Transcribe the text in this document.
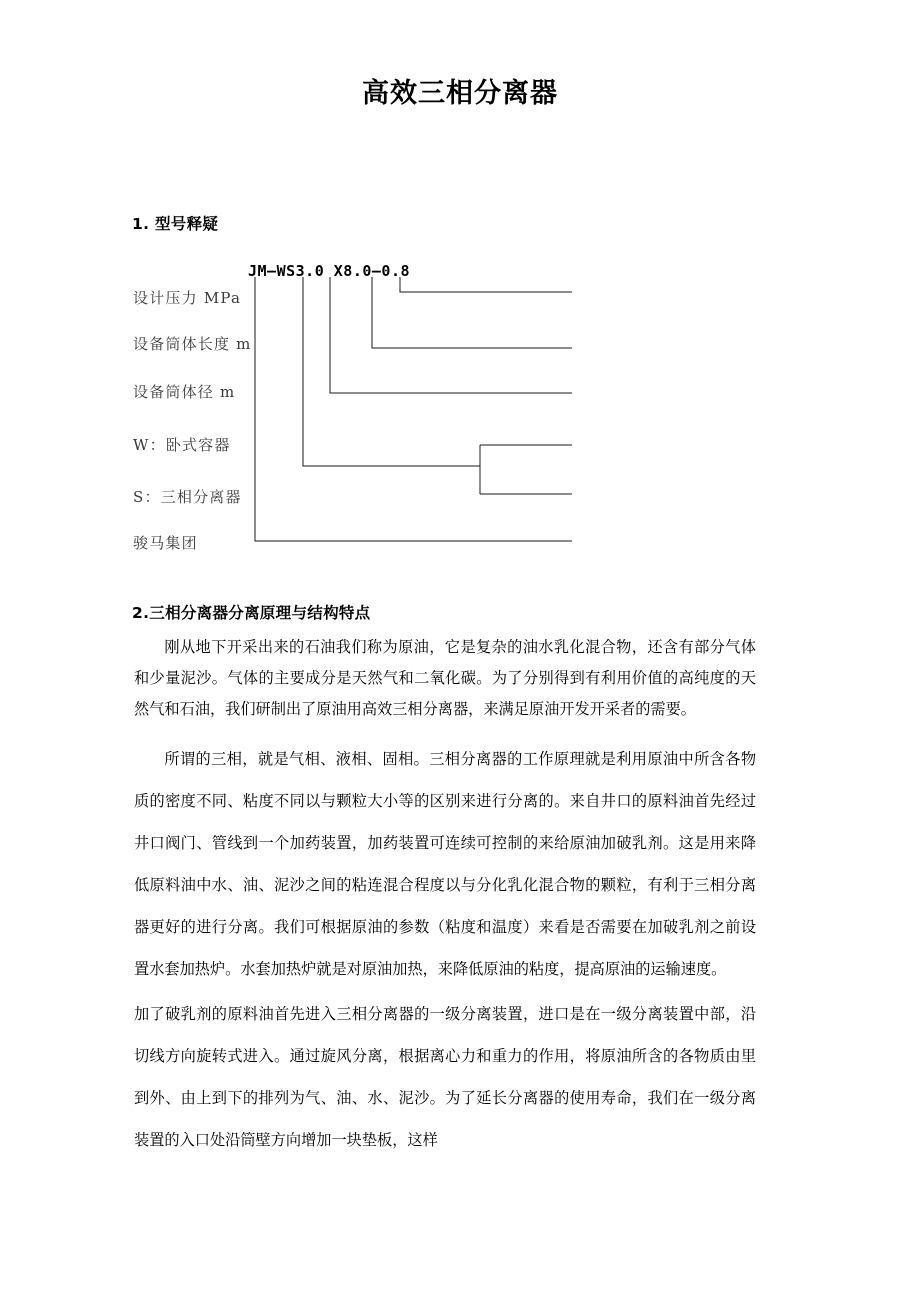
高效三相分离器
1. 型号释疑
JM—WS3.0 X8.0—0.8
设计压力 MPa
设备筒体长度 m
设备筒体径 m
W：卧式容器
S：三相分离器
骏马集团
2.三相分离器分离原理与结构特点
刚从地下开采出来的石油我们称为原油，它是复杂的油水乳化混合物，还含有部分气体和少量泥沙。气体的主要成分是天然气和二氧化碳。为了分别得到有利用价值的高纯度的天然气和石油，我们研制出了原油用高效三相分离器，来满足原油开发开采者的需要。
所谓的三相，就是气相、液相、固相。三相分离器的工作原理就是利用原油中所含各物质的密度不同、粘度不同以与颗粒大小等的区别来进行分离的。来自井口的原料油首先经过井口阀门、管线到一个加药装置，加药装置可连续可控制的来给原油加破乳剂。这是用来降低原料油中水、油、泥沙之间的粘连混合程度以与分化乳化混合物的颗粒，有利于三相分离器更好的进行分离。我们可根据原油的参数（粘度和温度）来看是否需要在加破乳剂之前设置水套加热炉。水套加热炉就是对原油加热，来降低原油的粘度，提高原油的运输速度。
加了破乳剂的原料油首先进入三相分离器的一级分离装置，进口是在一级分离装置中部，沿切线方向旋转式进入。通过旋风分离，根据离心力和重力的作用，将原油所含的各物质由里到外、由上到下的排列为气、油、水、泥沙。为了延长分离器的使用寿命，我们在一级分离装置的入口处沿筒壁方向增加一块垫板，这样
